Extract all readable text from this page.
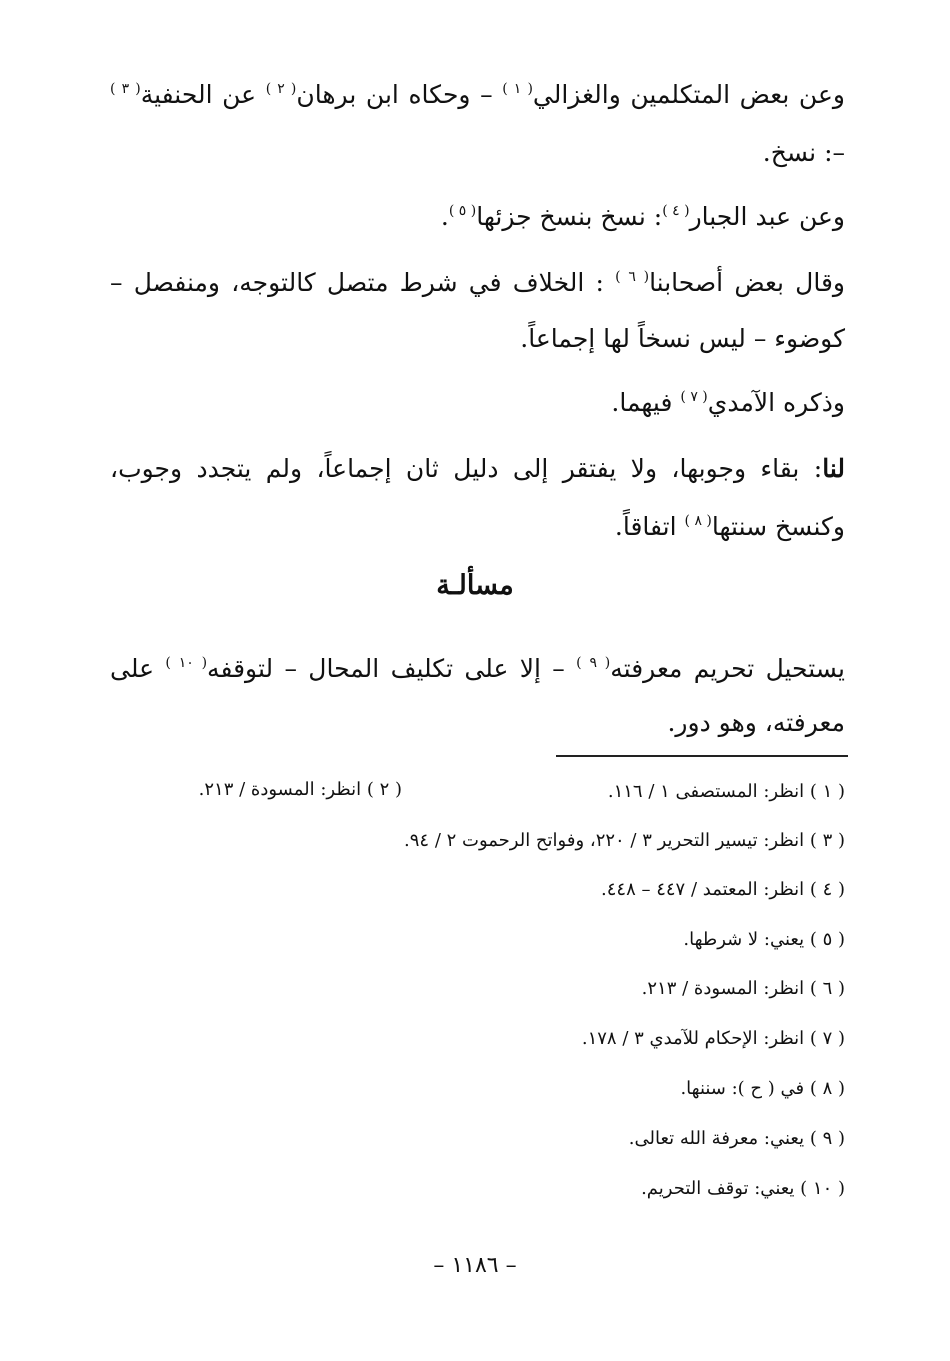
وعن بعض المتكلمين والغزالي$^{( ١ )}$ – وحكاه ابن برهان$^{( ٢ )}$ عن الحنفية$^{( ٣ )}$
–: نسخ.
وعن عبد الجبار$^{( ٤ )}$: نسخ بنسخ جزئها$^{( ٥ )}$.
وقال بعض أصحابنا$^{( ٦ )}$ : الخلاف في شرط متصل كالتوجه، ومنفصل –
كوضوء – ليس نسخاً لها إجماعاً.
وذكره الآمدي$^{( ٧ )}$ فيهما.
لنا: بقاء وجوبها، ولا يفتقر إلى دليل ثان إجماعاً، ولم يتجدد وجوب،
وكنسخ سنتها$^{( ٨ )}$ اتفاقاً.
مسألـة
يستحيل تحريم معرفته$^{( ٩ )}$ – إلا على تكليف المحال – لتوقفه$^{( ١٠ )}$ على
معرفته، وهو دور.
( ١ ) انظر: المستصفى ١ / ١١٦.
( ٢ ) انظر: المسودة / ٢١٣.
( ٣ ) انظر: تيسير التحرير ٣ / ٢٢٠، وفواتح الرحموت ٢ / ٩٤.
( ٤ ) انظر: المعتمد / ٤٤٧ – ٤٤٨.
( ٥ ) يعني: لا شرطها.
( ٦ ) انظر: المسودة / ٢١٣.
( ٧ ) انظر: الإحكام للآمدي ٣ / ١٧٨.
( ٨ ) في ( ح ): سننها.
( ٩ ) يعني: معرفة الله تعالى.
( ١٠ ) يعني: توقف التحريم.
– ١١٨٦ –
